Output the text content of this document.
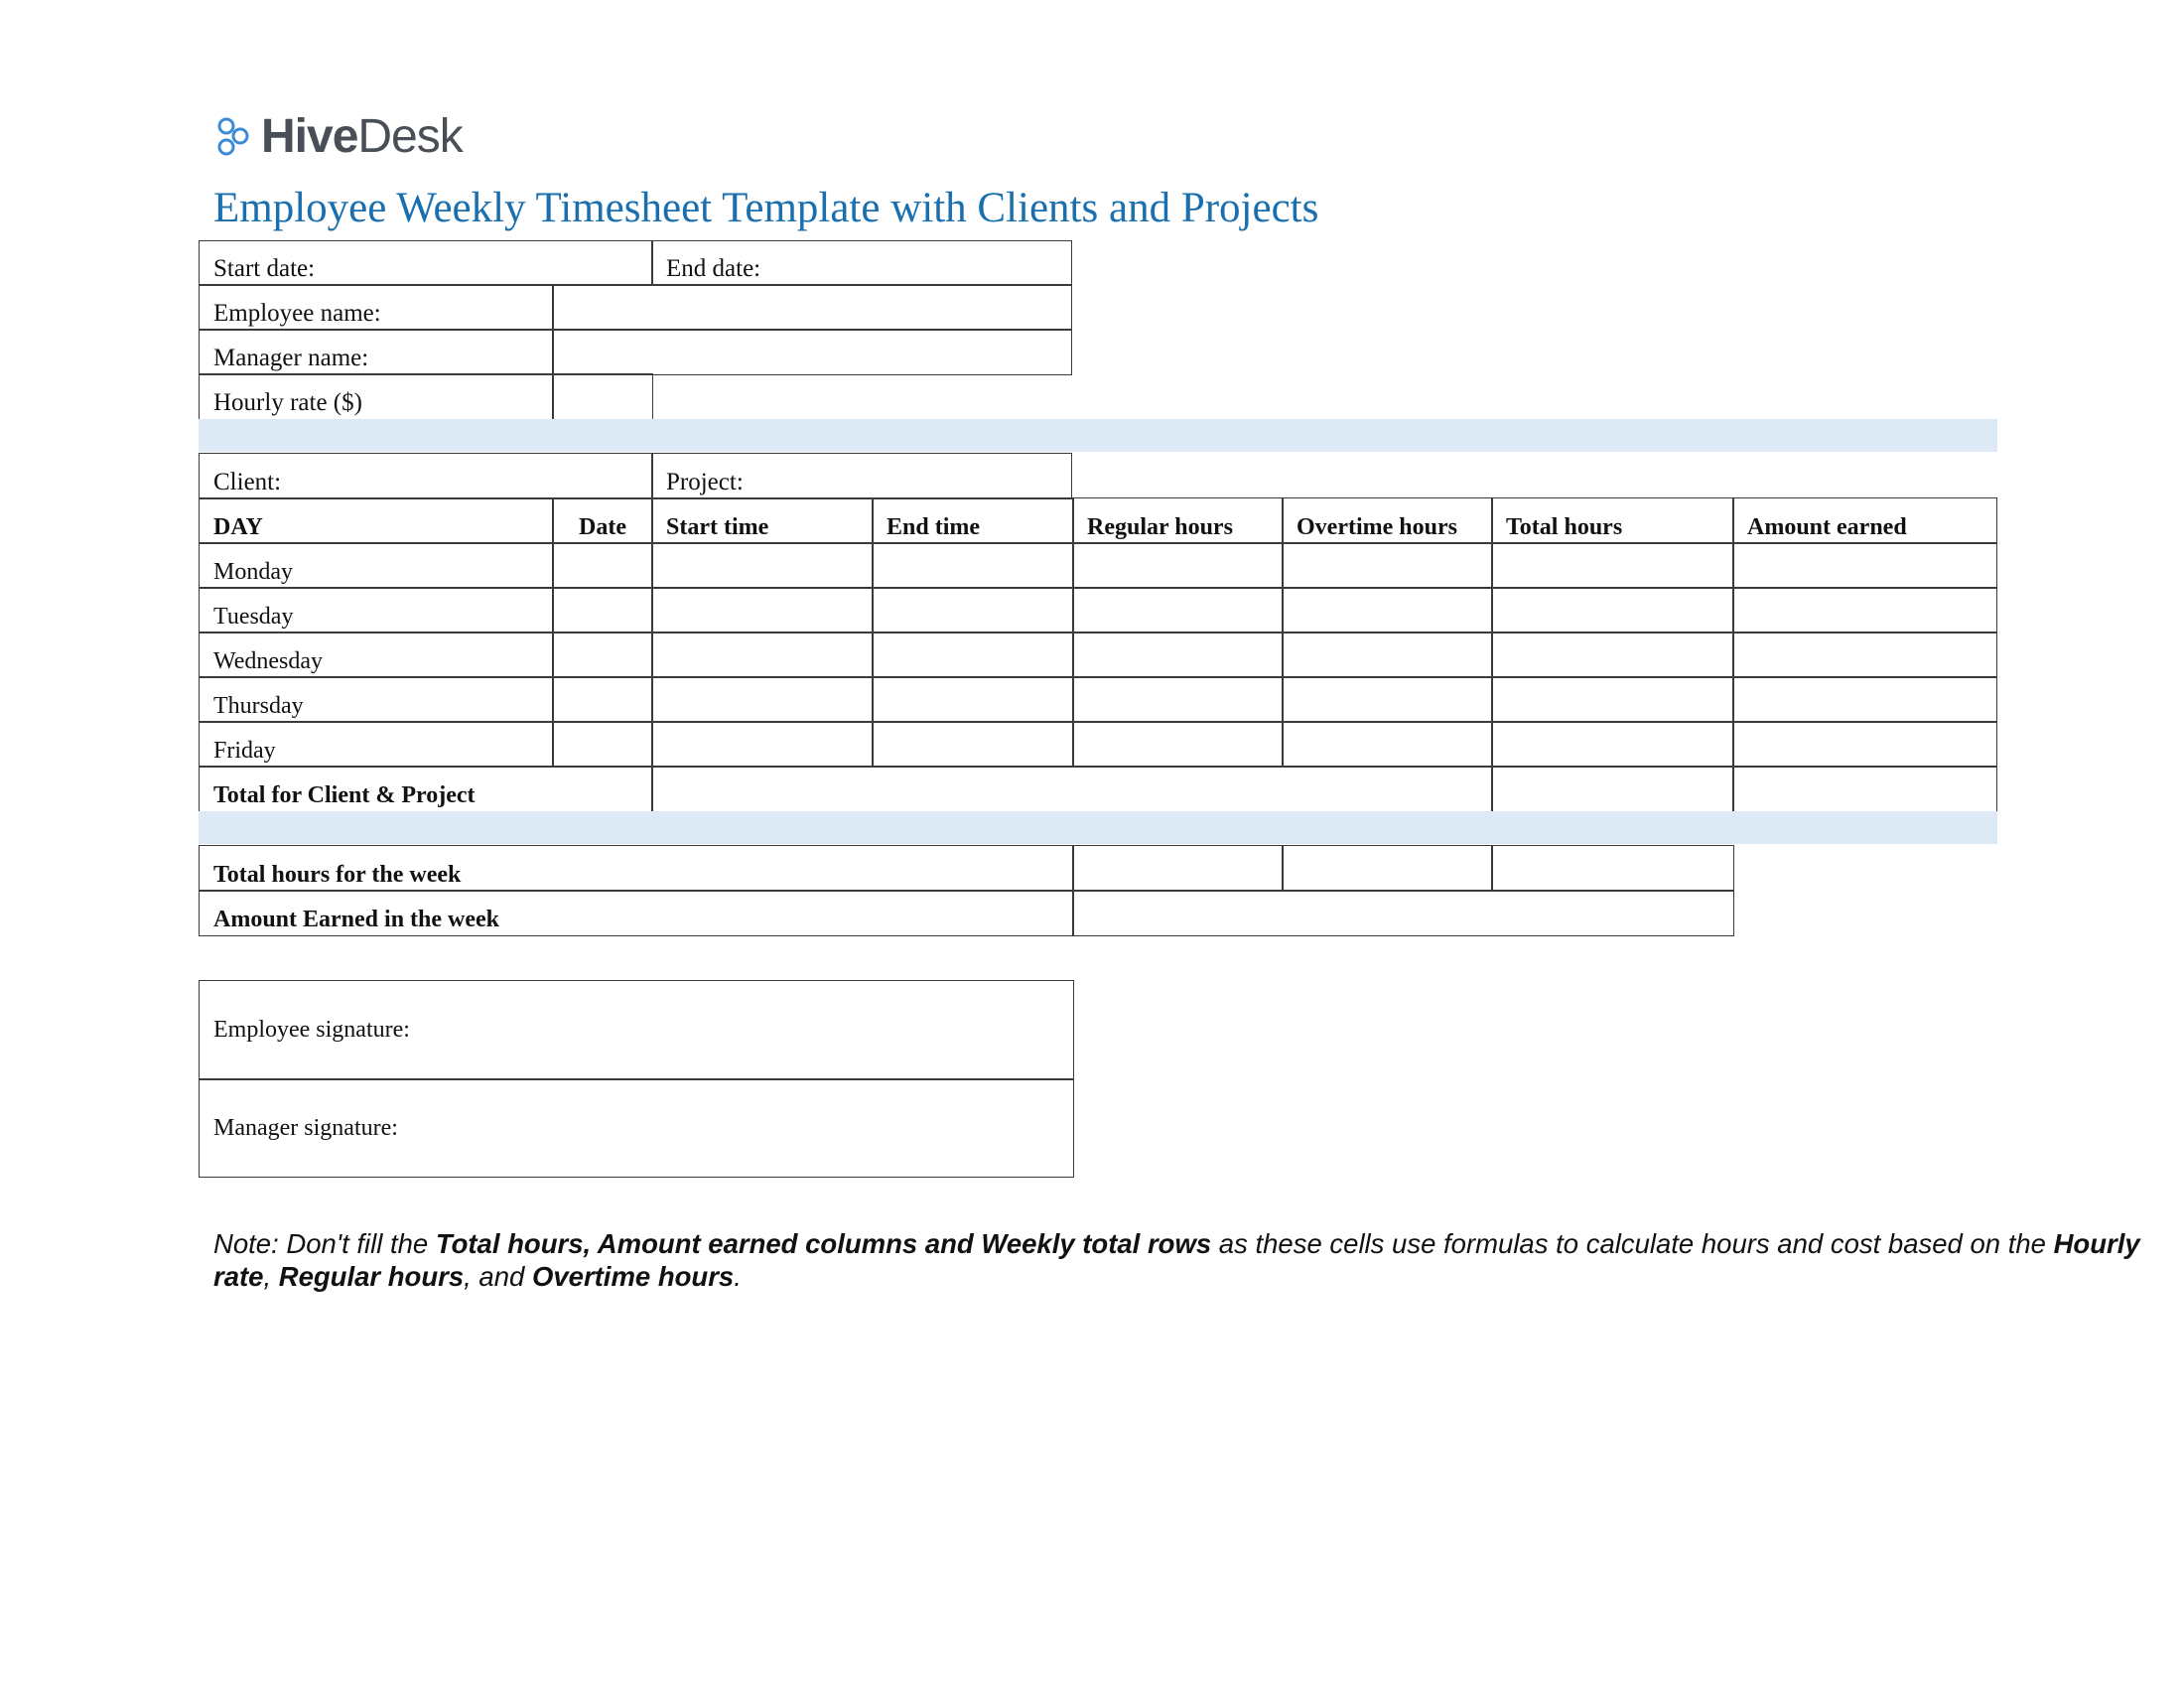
HiveDesk
Employee Weekly Timesheet Template with Clients and Projects
Start date:	End date:
Employee name:
Manager name:
Hourly rate ($)
Client:	Project:
DAY	Date	Start time	End time	Regular hours	Overtime hours	Total hours	Amount earned
Monday
Tuesday
Wednesday
Thursday
Friday
Total for Client & Project
Total hours for the week
Amount Earned in the week
Employee signature:
Manager signature:
Note: Don't fill the Total hours, Amount earned columns and Weekly total rows as these cells use formulas to calculate hours and cost based on the Hourly rate, Regular hours, and Overtime hours.
